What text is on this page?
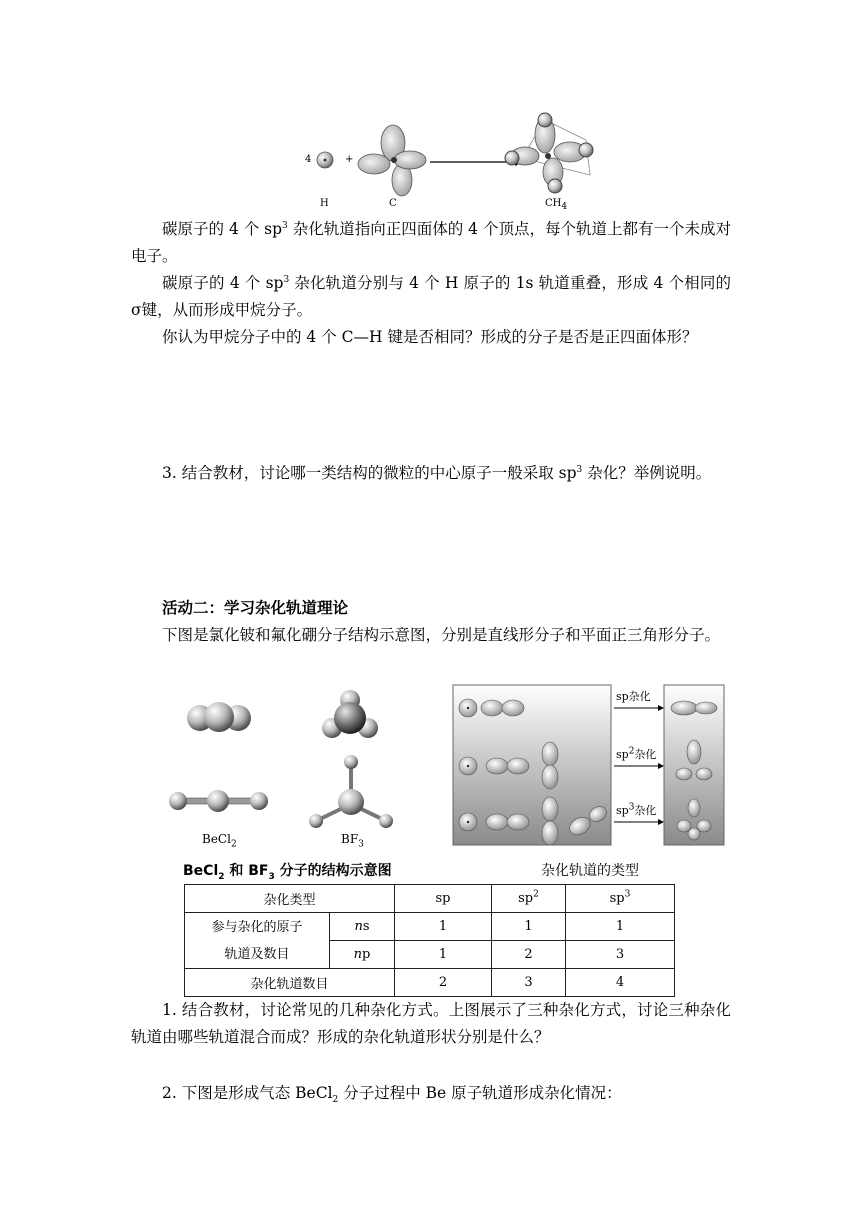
4	+
H	C	$CH_4$
碳原子的 4 个 $sp^3$ 杂化轨道指向正四面体的 4 个顶点，每个轨道上都有一个未成对电子。
碳原子的 4 个 $sp^3$ 杂化轨道分别与 4 个 H 原子的 1s 轨道重叠，形成 4 个相同的σ键，从而形成甲烷分子。
你认为甲烷分子中的 4 个 C—H 键是否相同？形成的分子是否是正四面体形？
3. 结合教材，讨论哪一类结构的微粒的中心原子一般采取 $sp^3$ 杂化？举例说明。
活动二：学习杂化轨道理论
下图是氯化铍和氟化硼分子结构示意图，分别是直线形分子和平面正三角形分子。
BeCl$_2$	$BF_3$
sp杂化
$sp^2$杂化
$sp^3$杂化
BeCl$_2$ 和 $BF_3$ 分子的结构示意图	杂化轨道的类型
杂化类型		sp	$sp^2$	$sp^3$

参与杂化的原子
轨道及数目	ns	1	1	1
	np	1	2	3
杂化轨道数目		2	3	4
1. 结合教材，讨论常见的几种杂化方式。上图展示了三种杂化方式，讨论三种杂化轨道由哪些轨道混合而成？形成的杂化轨道形状分别是什么？
2. 下图是形成气态 BeCl$_2$ 分子过程中 Be 原子轨道形成杂化情况：
